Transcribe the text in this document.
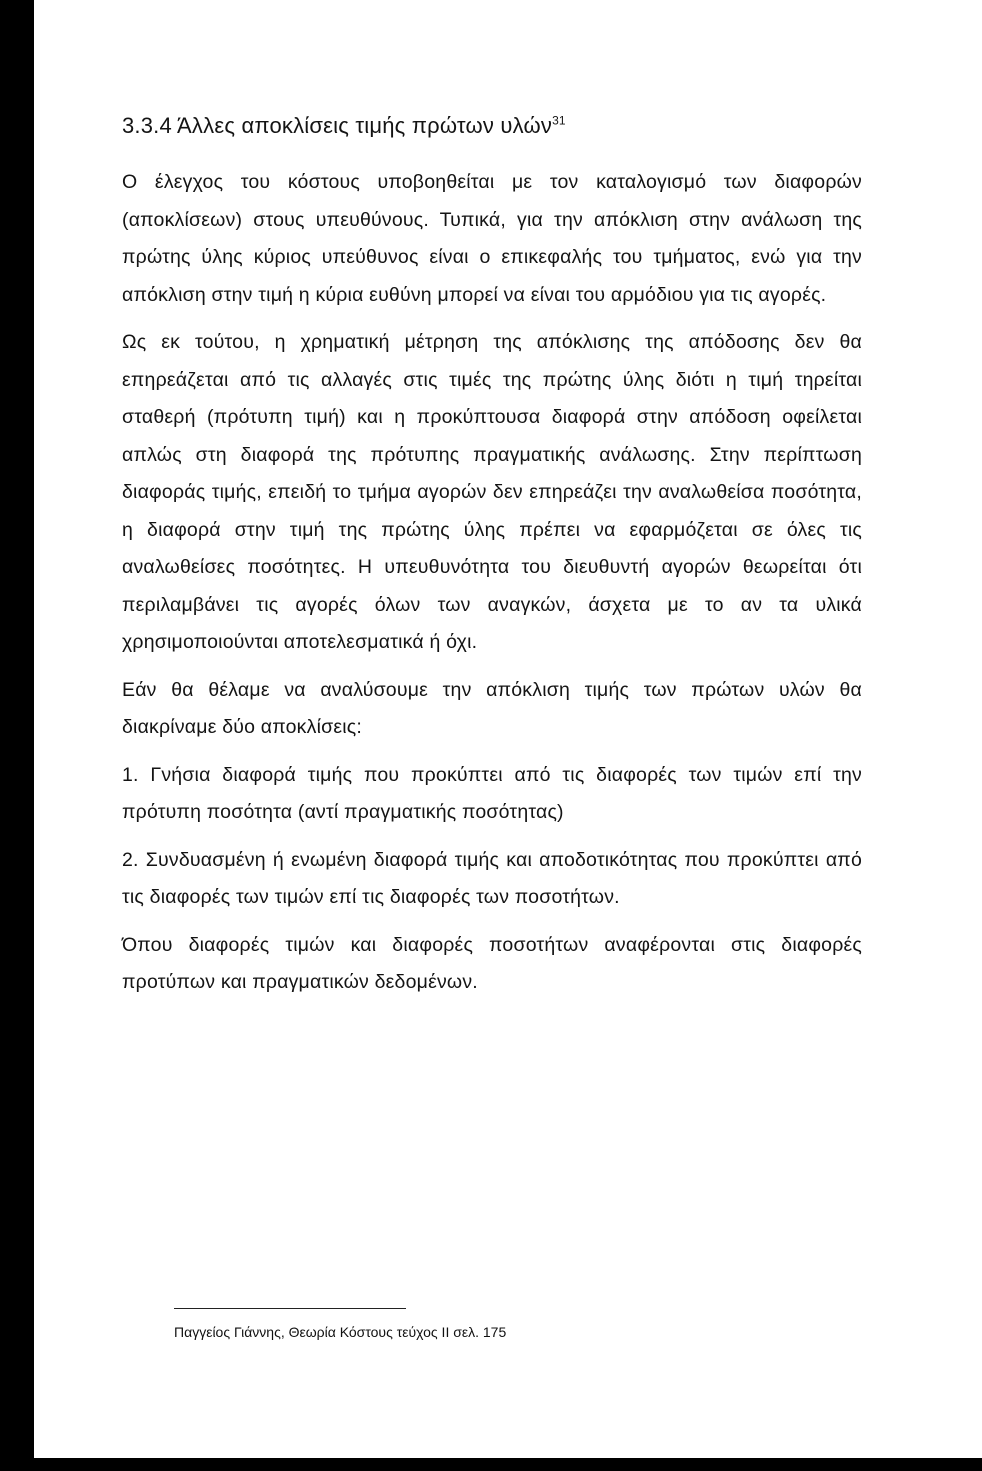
3.3.4 Άλλες αποκλίσεις τιμής πρώτων υλών$^{31}$

Ο έλεγχος του κόστους υποβοηθείται με τον καταλογισμό των διαφορών (αποκλίσεων) στους υπευθύνους. Τυπικά, για την απόκλιση στην ανάλωση της πρώτης ύλης κύριος υπεύθυνος είναι ο επικεφαλής του τμήματος, ενώ για την απόκλιση στην τιμή η κύρια ευθύνη μπορεί να είναι του αρμόδιου για τις αγορές.

Ως εκ τούτου, η χρηματική μέτρηση της απόκλισης της απόδοσης δεν θα επηρεάζεται από τις αλλαγές στις τιμές της πρώτης ύλης διότι η τιμή τηρείται σταθερή (πρότυπη τιμή) και η προκύπτουσα διαφορά στην απόδοση οφείλεται απλώς στη διαφορά της πρότυπης πραγματικής ανάλωσης. Στην περίπτωση διαφοράς τιμής, επειδή το τμήμα αγορών δεν επηρεάζει την αναλωθείσα ποσότητα, η διαφορά στην τιμή της πρώτης ύλης πρέπει να εφαρμόζεται σε όλες τις αναλωθείσες ποσότητες. Η υπευθυνότητα του διευθυντή αγορών θεωρείται ότι περιλαμβάνει τις αγορές όλων των αναγκών, άσχετα με το αν τα υλικά χρησιμοποιούνται αποτελεσματικά ή όχι.

Εάν θα θέλαμε να αναλύσουμε την απόκλιση τιμής των πρώτων υλών θα διακρίναμε δύο αποκλίσεις:

1. Γνήσια διαφορά τιμής που προκύπτει από τις διαφορές των τιμών επί την πρότυπη ποσότητα (αντί πραγματικής ποσότητας)

2. Συνδυασμένη ή ενωμένη διαφορά τιμής και αποδοτικότητας που προκύπτει από τις διαφορές των τιμών επί τις διαφορές των ποσοτήτων.

Όπου διαφορές τιμών και διαφορές ποσοτήτων αναφέρονται στις διαφορές προτύπων και πραγματικών δεδομένων.

Παγγείος Γιάννης, Θεωρία Κόστους τεύχος ΙΙ σελ. 175
